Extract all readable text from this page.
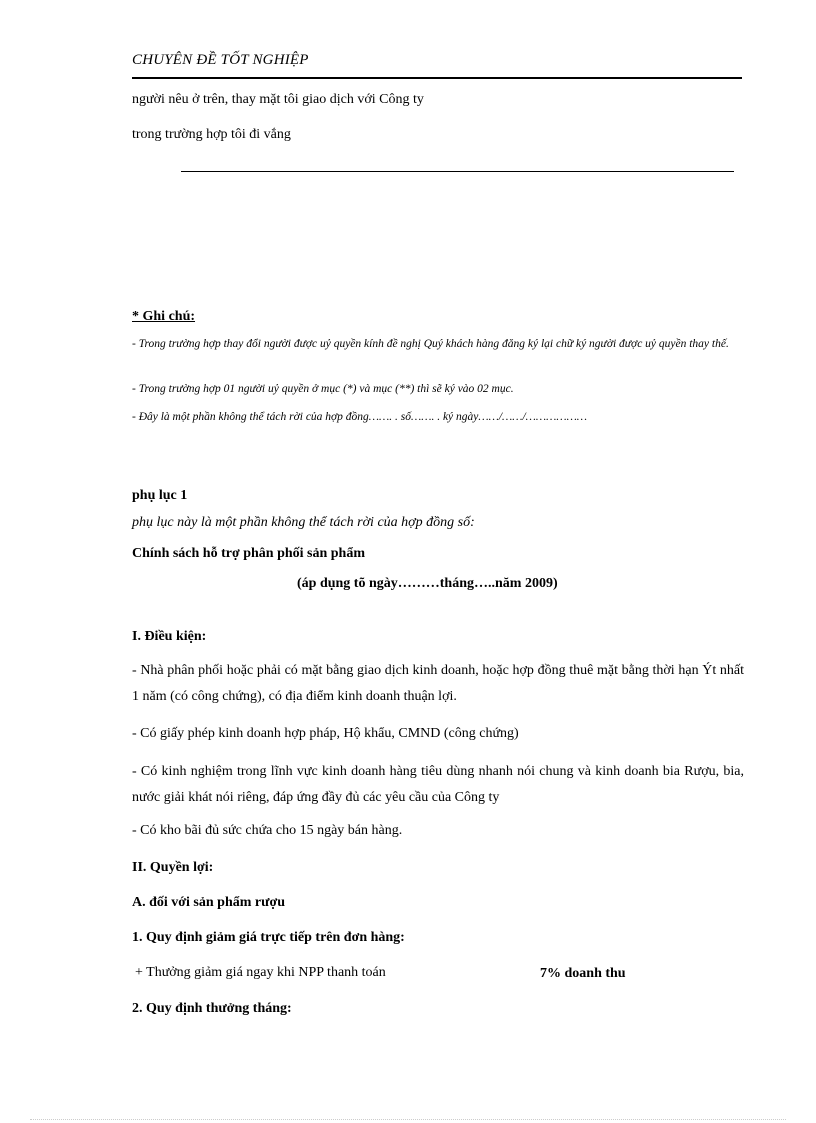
CHUYÊN ĐỀ TỐT NGHIỆP
người nêu ở trên, thay mặt tôi giao dịch với Công ty
trong trường hợp tôi đi vắng
* Ghi chú:
- Trong trường hợp thay đổi người được uỷ quyền kính đề nghị Quý khách hàng đăng ký lại chữ ký người được uỷ quyền thay thế.
- Trong trường hợp 01 người uỷ quyền ở mục (*) và mục (**) thì sẽ ký vào 02 mục.
- Đây là một phần không thể tách rời của hợp đồng……. . số……. . ký ngày……/……/………………
phụ lục 1
phụ lục này là một phần không thể tách rời của hợp đồng số:
Chính sách hỗ trợ phân phối sản phẩm
(áp dụng tõ ngày………tháng…..năm 2009)
I. Điều kiện:
- Nhà phân phối hoặc phải có mặt bằng giao dịch kinh doanh, hoặc hợp đồng thuê mặt bằng thời hạn Ýt nhất 1 năm (có công chứng), có địa điểm kinh doanh thuận lợi.
- Có giấy phép kinh doanh hợp pháp, Hộ khẩu, CMND (công chứng)
- Có kinh nghiệm trong lĩnh vực kinh doanh hàng tiêu dùng nhanh nói chung và kinh doanh bia Rượu, bia, nước giải khát nói riêng, đáp ứng đầy đủ các yêu cầu của Công ty
- Có kho bãi đủ sức chứa cho 15 ngày bán hàng.
II. Quyền lợi:
A. đối với sản phẩm rượu
1. Quy định giảm giá trực tiếp trên đơn hàng:
+ Thưởng giảm giá ngay khi NPP thanh toán	7% doanh thu
2. Quy định thưởng tháng:
